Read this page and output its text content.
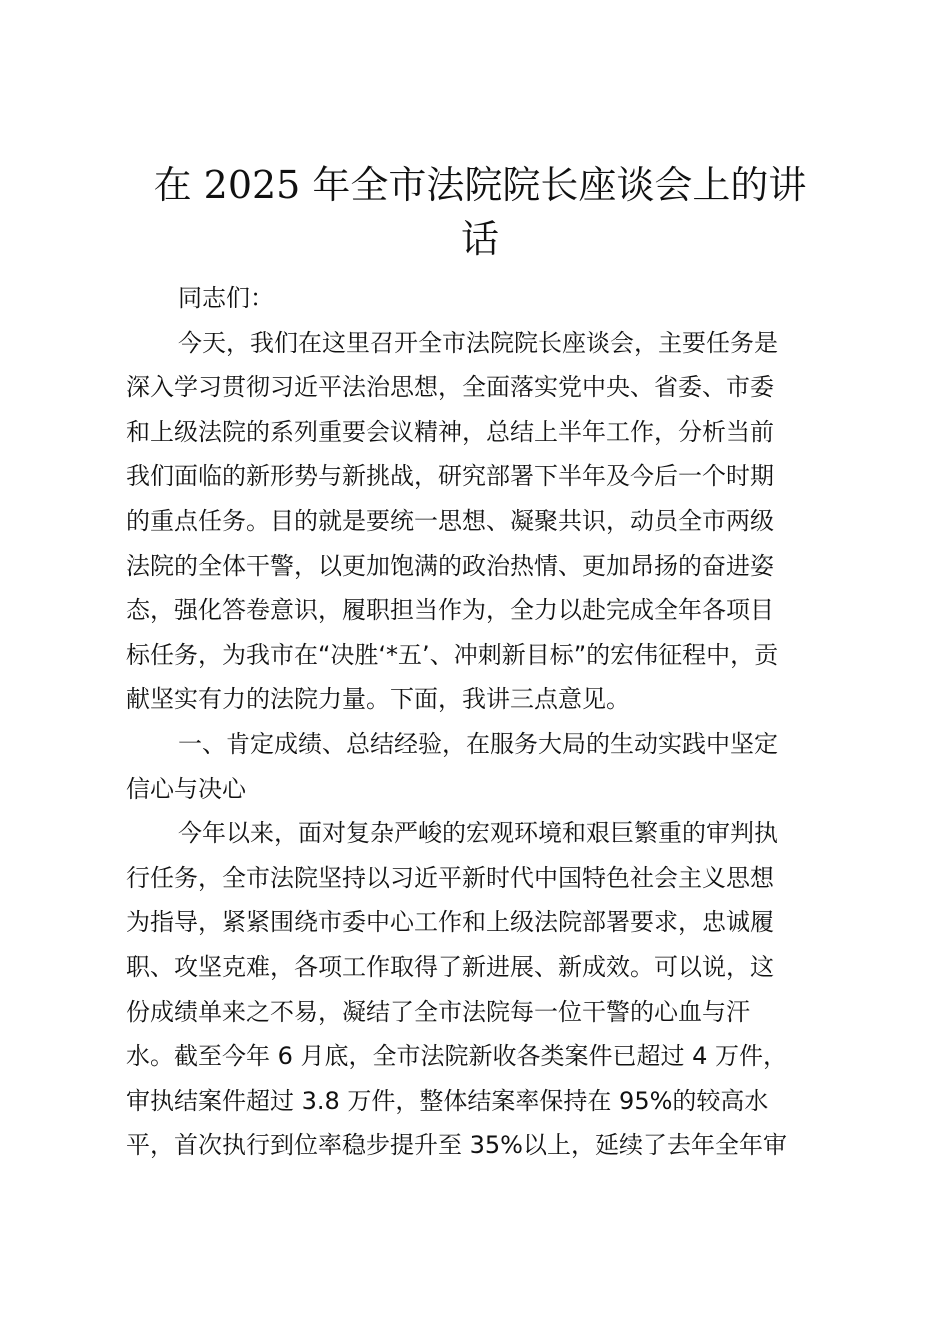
在 2025 年全市法院院长座谈会上的讲
话
同志们：
今天，我们在这里召开全市法院院长座谈会，主要任务是
深入学习贯彻习近平法治思想，全面落实党中央、省委、市委
和上级法院的系列重要会议精神，总结上半年工作，分析当前
我们面临的新形势与新挑战，研究部署下半年及今后一个时期
的重点任务。目的就是要统一思想、凝聚共识，动员全市两级
法院的全体干警，以更加饱满的政治热情、更加昂扬的奋进姿
态，强化答卷意识，履职担当作为，全力以赴完成全年各项目
标任务，为我市在“决胜‘*五’、冲刺新目标”的宏伟征程中，贡
献坚实有力的法院力量。下面，我讲三点意见。
一、肯定成绩、总结经验，在服务大局的生动实践中坚定
信心与决心
今年以来，面对复杂严峻的宏观环境和艰巨繁重的审判执
行任务，全市法院坚持以习近平新时代中国特色社会主义思想
为指导，紧紧围绕市委中心工作和上级法院部署要求，忠诚履
职、攻坚克难，各项工作取得了新进展、新成效。可以说，这
份成绩单来之不易，凝结了全市法院每一位干警的心血与汗
水。截至今年 6 月底，全市法院新收各类案件已超过 4 万件，
审执结案件超过 3.8 万件，整体结案率保持在 95%的较高水
平，首次执行到位率稳步提升至 35%以上，延续了去年全年审
